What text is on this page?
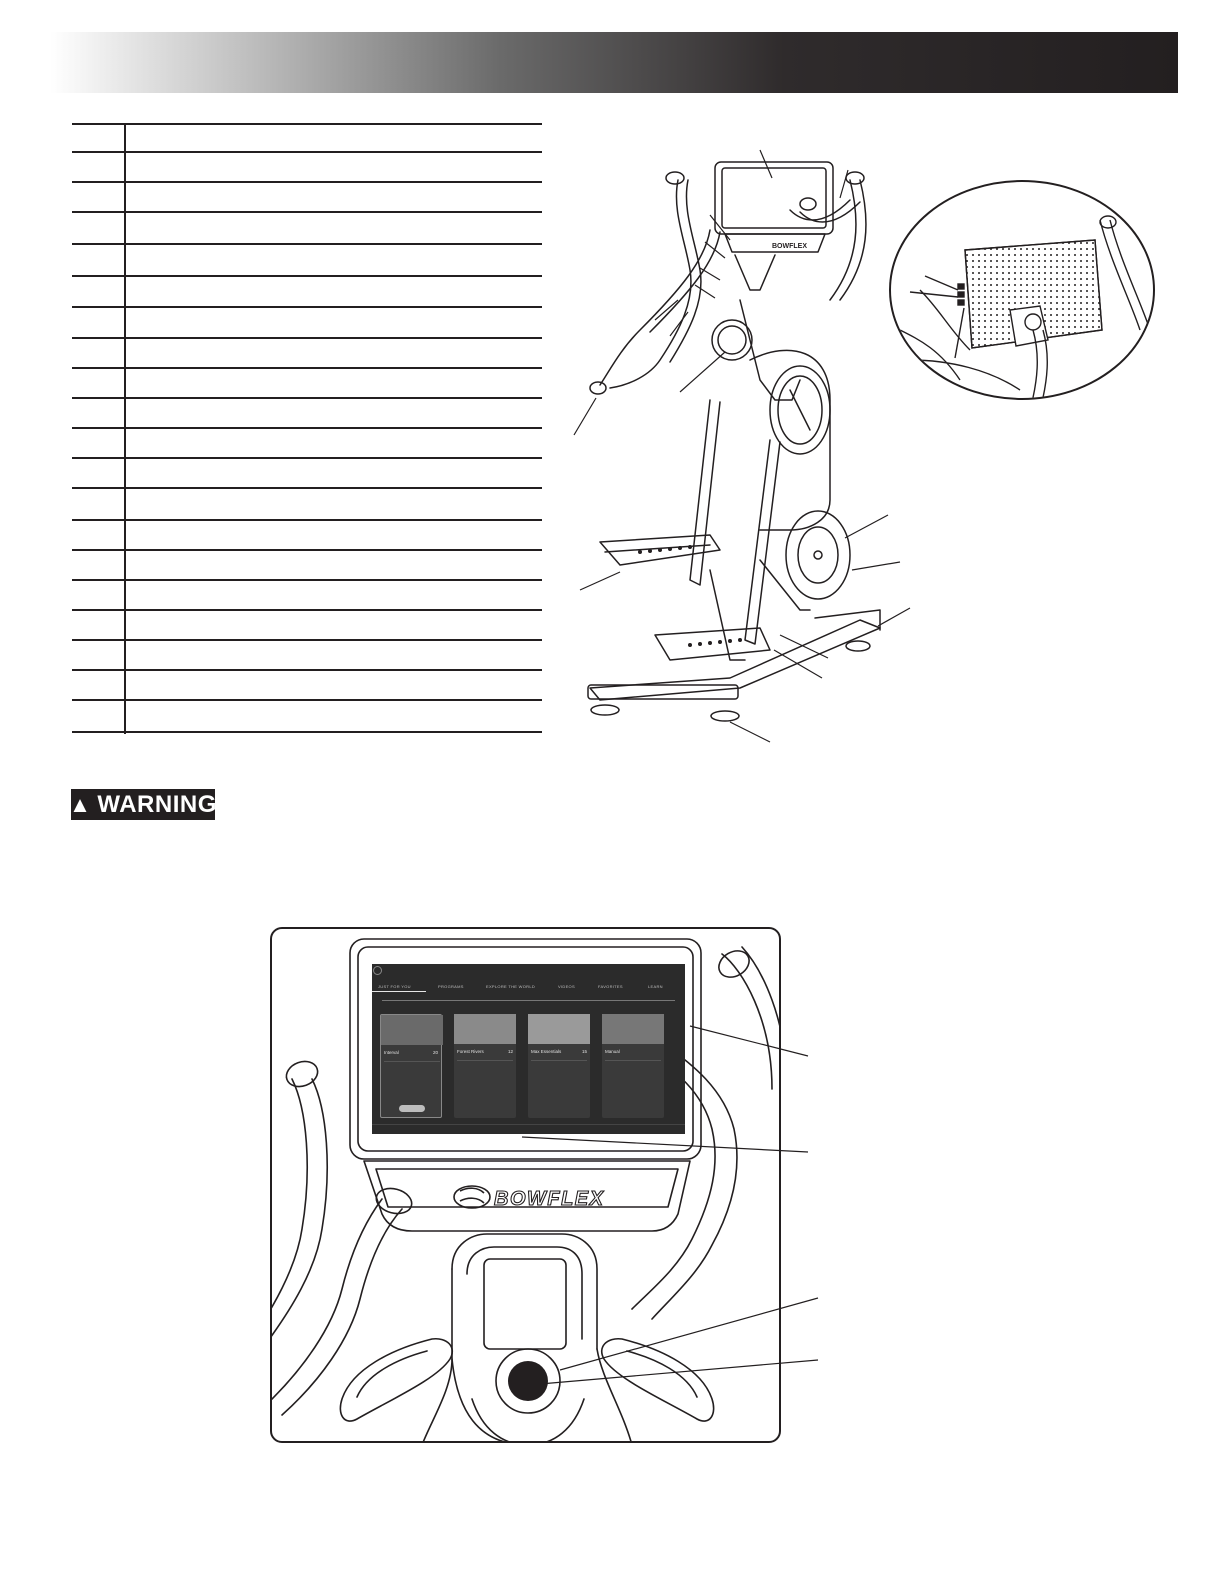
BOWFLEX
▲ WARNING
BOWFLEX
JUST FOR YOU	PROGRAMS	EXPLORE THE WORLD	VIDEOS	FAVORITES	LEARN
Interval	20	Forest Rivers	12	Max Essentials	15	Manual
